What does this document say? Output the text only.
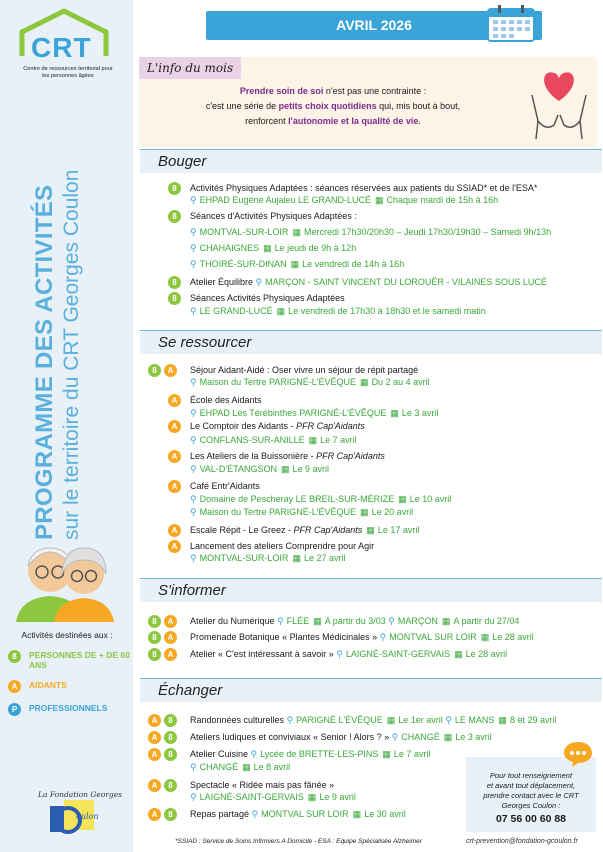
CRT
Centre de ressources territorial pour les personnes âgées
PROGRAMME DES ACTIVITÉS sur le territoire du CRT Georges Coulon
Activités destinées aux :
8	PERSONNES DE + DE 60 ANS
A	AIDANTS
P	PROFESSIONNELS
La Fondation Georges
oulon
AVRIL 2026
L'info du mois
Prendre soin de soi n'est pas une contrainte :
c'est une série de petits choix quotidiens qui, mis bout à bout,
renforcent l'autonomie et la qualité de vie.
Bouger
8	Activités Physiques Adaptées : séances réservées aux patients du SSIAD* et de l'ESA*
⚲ EHPAD Eugène Aujaleu LE GRAND-LUCÉ ▦ Chaque mardi de 15h à 16h
8	Séances d'Activités Physiques Adaptées :
⚲ MONTVAL-SUR-LOIR ▦ Mercredi 17h30/20h30 – Jeudi 17h30/19h30 – Samedi 9h/13h
⚲ CHAHAIGNES ▦ Le jeudi de 9h à 12h
⚲ THOIRÉ-SUR-DINAN ▦ Le vendredi de 14h à 16h
8	Atelier Équilibre ⚲ MARÇON - SAINT VINCENT DU LOROUËR - VILAINES SOUS LUCÉ
8	Séances Activités Physiques Adaptées
⚲ LE GRAND-LUCÉ ▦ Le vendredi de 17h30 à 18h30 et le samedi matin
Se ressourcer
8	A	Séjour Aidant-Aidé : Oser vivre un séjour de répit partagé
⚲ Maison du Tertre PARIGNÉ-L'ÉVÊQUE ▦ Du 2 au 4 avril
A	École des Aidants
⚲ EHPAD Les Térébinthes PARIGNÉ-L'ÉVÊQUE ▦ Le 3 avril
A	Le Comptoir des Aidants - PFR Cap'Aidants
⚲ CONFLANS-SUR-ANILLE ▦ Le 7 avril
A	Les Ateliers de la Buissonière - PFR Cap'Aidants
⚲ VAL-D'ÉTANGSON ▦ Le 9 avril
A	Café Entr'Aidants
⚲ Domaine de Pescheray LE BREIL-SUR-MÉRIZE ▦ Le 10 avril
⚲ Maison du Tertre PARIGNÉ-L'ÉVÊQUE ▦ Le 20 avril
A	Escale Répit - Le Greez - PFR Cap'Aidants ▦ Le 17 avril
A	Lancement des ateliers Comprendre pour Agir
⚲ MONTVAL-SUR-LOIR ▦ Le 27 avril
S'informer
8	A	Atelier du Numérique ⚲ FLÉE ▦ A partir du 3/03 ⚲ MARÇON ▦ A partir du 27/04
8	A	Promenade Botanique « Plantes Médicinales » ⚲ MONTVAL SUR LOIR ▦ Le 28 avril
8	A	Atelier « C'est intéressant à savoir » ⚲ LAIGNÉ-SAINT-GERVAIS ▦ Le 28 avril
Échanger
A	8	Randonnées culturelles ⚲ PARIGNÉ L'ÉVÊQUE ▦ Le 1er avril ⚲ LE MANS ▦ 8 et 29 avril
A	8	Ateliers ludiques et conviviaux « Senior ! Alors ? » ⚲ CHANGÉ ▦ Le 3 avril
A	8	Atelier Cuisine ⚲ Lycée de BRETTE-LES-PINS ▦ Le 7 avril
⚲ CHANGÉ ▦ Le 8 avril
A	8	Spectacle « Ridée mais pas fânée »
⚲ LAIGNÉ-SAINT-GERVAIS ▦ Le 9 avril
A	8	Repas partagé ⚲ MONTVAL SUR LOIR ▦ Le 30 avril
Pour tout renseignement
et avant tout déplacement,
prendre contact avec le CRT
Georges Coulon :
07 56 00 60 88
crt-prevention@fondation-gcoulon.fr
*SSIAD : Service de Soins Infirmiers A Domicile - ESA : Equipe Spécialisée Alzheimer
